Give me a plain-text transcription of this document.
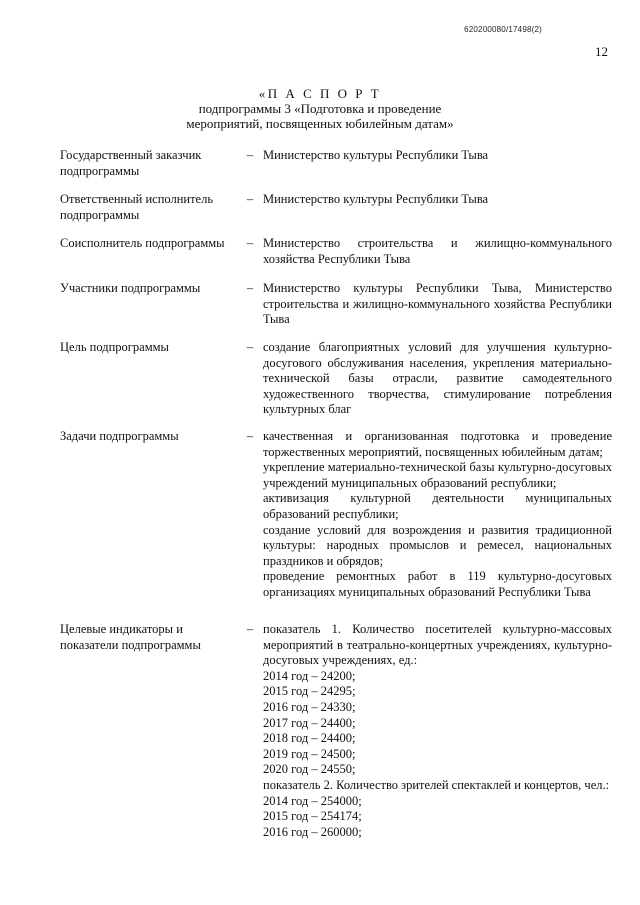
620200080/17498(2)
12
«П А С П О Р Т
подпрограммы 3 «Подготовка и проведение
мероприятий, посвященных юбилейным датам»
Государственный заказчик подпрограммы
– Министерство культуры Республики Тыва
Ответственный исполнитель подпрограммы
– Министерство культуры Республики Тыва
Соисполнитель подпрограммы	– Министерство строительства и жилищно-коммунального хозяйства Республики Тыва
Участники подпрограммы	– Министерство культуры Республики Тыва, Министерство строительства и жилищно-коммунального хозяйства Республики Тыва
Цель подпрограммы	– создание благоприятных условий для улучшения культурно-досугового обслуживания населения, укрепления материально-технической базы отрасли, развитие самодеятельного художественного творчества, стимулирование потребления культурных благ
Задачи подпрограммы	– качественная и организованная подготовка и проведение торжественных мероприятий, посвященных юбилейным датам;
укрепление материально-технической базы культурно-досуговых учреждений муниципальных образований республики;
активизация культурной деятельности муниципальных образований республики;
создание условий для возрождения и развития традиционной культуры: народных промыслов и ремесел, национальных праздников и обрядов;
проведение ремонтных работ в 119 культурно-досуговых организациях муниципальных образований Республики Тыва
Целевые индикаторы и показатели подпрограммы
– показатель 1. Количество посетителей культурно-массовых мероприятий в театрально-концертных учреждениях, культурно-досуговых учреждениях, ед.:
2014 год – 24200;
2015 год – 24295;
2016 год – 24330;
2017 год – 24400;
2018 год – 24400;
2019 год – 24500;
2020 год – 24550;
показатель 2. Количество зрителей спектаклей и концертов, чел.:
2014 год – 254000;
2015 год – 254174;
2016 год – 260000;
